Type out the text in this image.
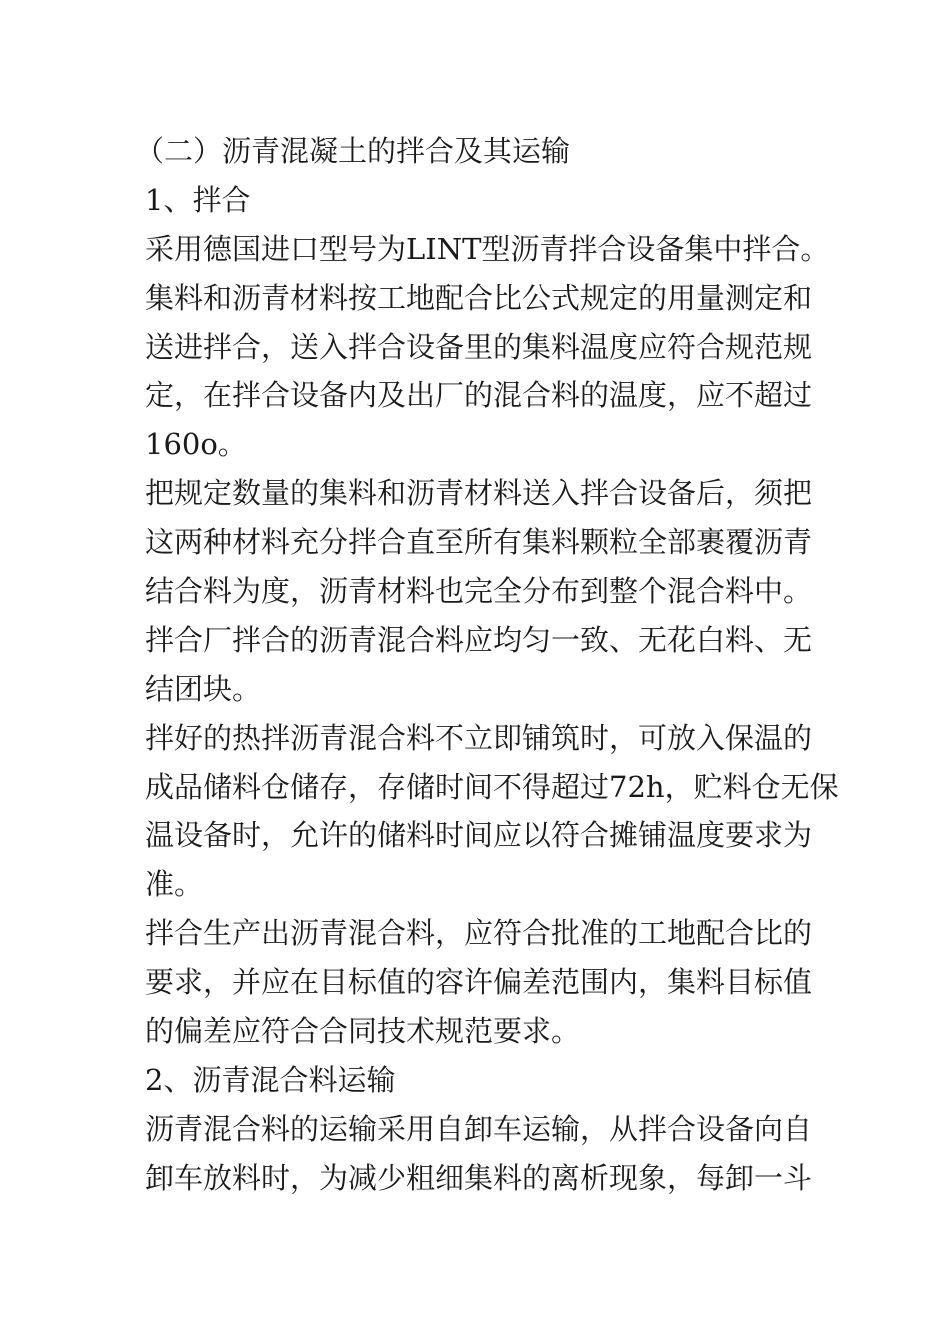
（二）沥青混凝土的拌合及其运输
1、拌合
采用德国进口型号为LINT型沥青拌合设备集中拌合。
集料和沥青材料按工地配合比公式规定的用量测定和
送进拌合，送入拌合设备里的集料温度应符合规范规
定，在拌合设备内及出厂的混合料的温度，应不超过
160o。
把规定数量的集料和沥青材料送入拌合设备后，须把
这两种材料充分拌合直至所有集料颗粒全部裹覆沥青
结合料为度，沥青材料也完全分布到整个混合料中。
拌合厂拌合的沥青混合料应均匀一致、无花白料、无
结团块。
拌好的热拌沥青混合料不立即铺筑时，可放入保温的
成品储料仓储存，存储时间不得超过72h，贮料仓无保
温设备时，允许的储料时间应以符合摊铺温度要求为
准。
拌合生产出沥青混合料，应符合批准的工地配合比的
要求，并应在目标值的容许偏差范围内，集料目标值
的偏差应符合合同技术规范要求。
2、沥青混合料运输
沥青混合料的运输采用自卸车运输，从拌合设备向自
卸车放料时，为减少粗细集料的离析现象，每卸一斗
